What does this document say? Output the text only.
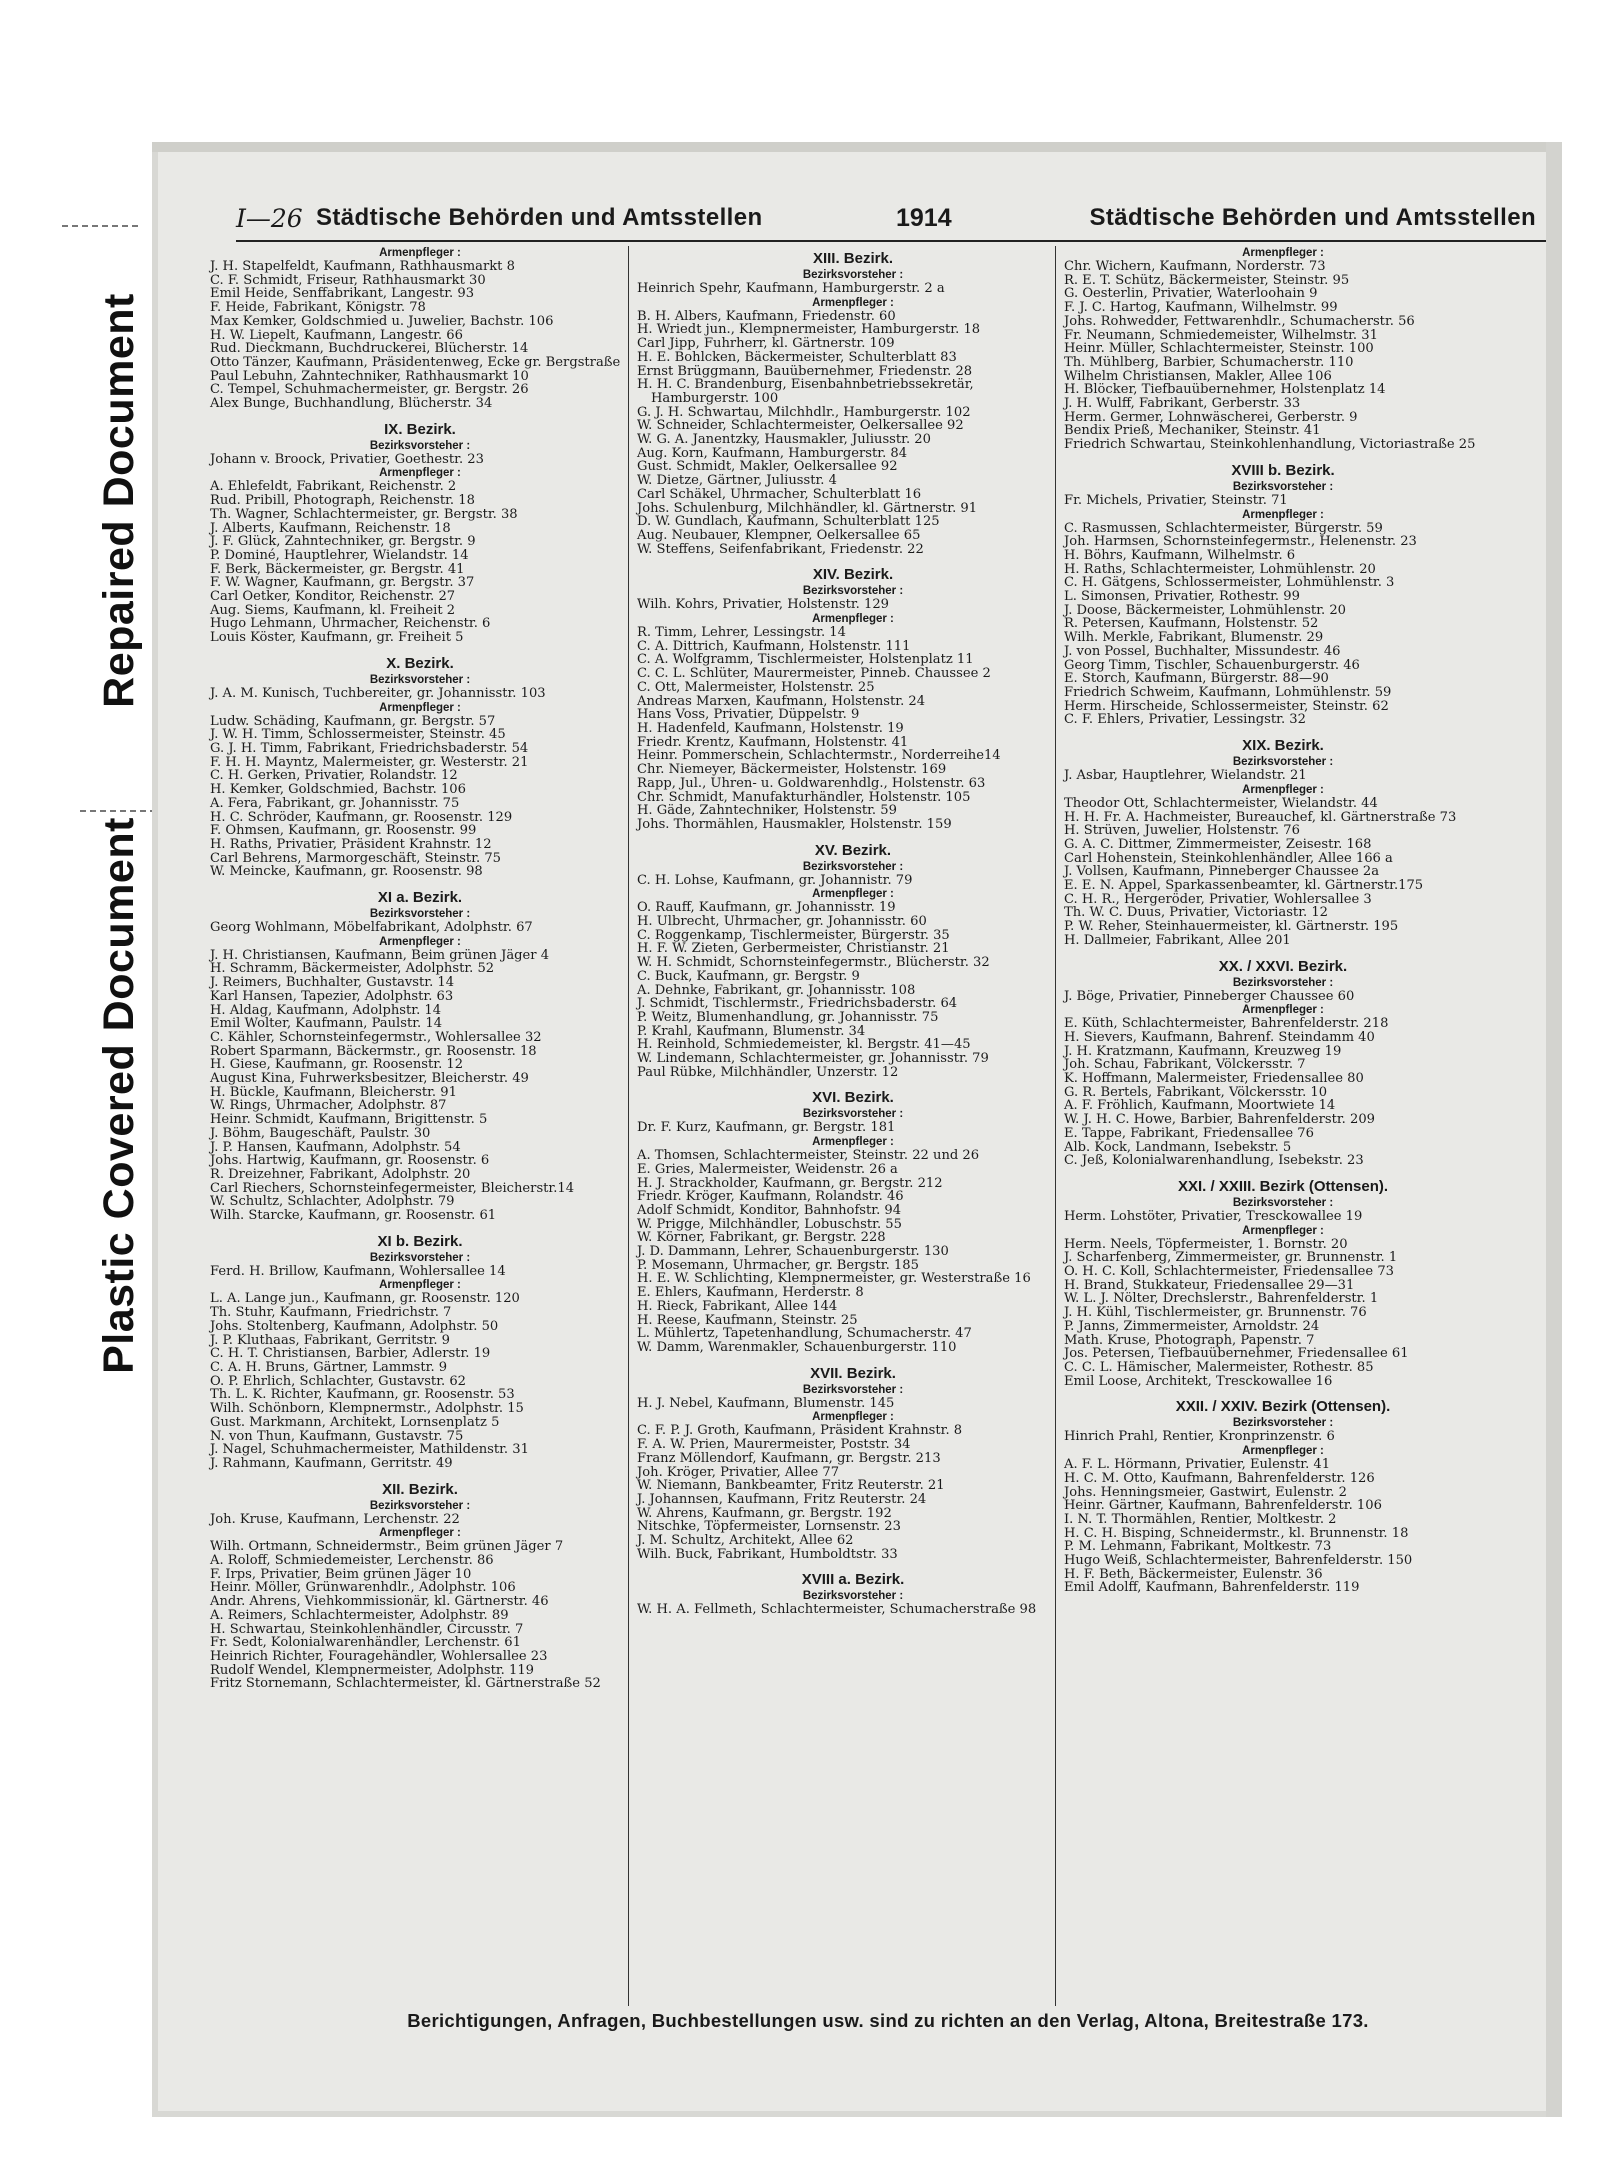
Repaired Document
Plastic Covered Document
I—26 Städtische Behörden und Amtsstellen	1914	Städtische Behörden und Amtsstellen
Armenpfleger :
J. H. Stapelfeldt, Kaufmann, Rathhausmarkt 8
C. F. Schmidt, Friseur, Rathhausmarkt 30
Emil Heide, Senffabrikant, Langestr. 93
F. Heide, Fabrikant, Königstr. 78
Max Kemker, Goldschmied u. Juwelier, Bachstr. 106
H. W. Liepelt, Kaufmann, Langestr. 66
Rud. Dieckmann, Buchdruckerei, Blücherstr. 14
Otto Tänzer, Kaufmann, Präsidentenweg, Ecke gr. Bergstraße
Paul Lebuhn, Zahntechniker, Rathhausmarkt 10
C. Tempel, Schuhmachermeister, gr. Bergstr. 26
Alex Bunge, Buchhandlung, Blücherstr. 34
IX. Bezirk.
Bezirksvorsteher :
Johann v. Broock, Privatier, Goethestr. 23
Armenpfleger :
A. Ehlefeldt, Fabrikant, Reichenstr. 2
Rud. Pribill, Photograph, Reichenstr. 18
Th. Wagner, Schlachtermeister, gr. Bergstr. 38
J. Alberts, Kaufmann, Reichenstr. 18
J. F. Glück, Zahntechniker, gr. Bergstr. 9
P. Dominé, Hauptlehrer, Wielandstr. 14
F. Berk, Bäckermeister, gr. Bergstr. 41
F. W. Wagner, Kaufmann, gr. Bergstr. 37
Carl Oetker, Konditor, Reichenstr. 27
Aug. Siems, Kaufmann, kl. Freiheit 2
Hugo Lehmann, Uhrmacher, Reichenstr. 6
Louis Köster, Kaufmann, gr. Freiheit 5
X. Bezirk.
Bezirksvorsteher :
J. A. M. Kunisch, Tuchbereiter, gr. Johannisstr. 103
Armenpfleger :
Ludw. Schäding, Kaufmann, gr. Bergstr. 57
J. W. H. Timm, Schlossermeister, Steinstr. 45
G. J. H. Timm, Fabrikant, Friedrichsbaderstr. 54
F. H. H. Mayntz, Malermeister, gr. Westerstr. 21
C. H. Gerken, Privatier, Rolandstr. 12
H. Kemker, Goldschmied, Bachstr. 106
A. Fera, Fabrikant, gr. Johannisstr. 75
H. C. Schröder, Kaufmann, gr. Roosenstr. 129
F. Ohmsen, Kaufmann, gr. Roosenstr. 99
H. Raths, Privatier, Präsident Krahnstr. 12
Carl Behrens, Marmorgeschäft, Steinstr. 75
W. Meincke, Kaufmann, gr. Roosenstr. 98
XI a. Bezirk.
Bezirksvorsteher :
Georg Wohlmann, Möbelfabrikant, Adolphstr. 67
Armenpfleger :
J. H. Christiansen, Kaufmann, Beim grünen Jäger 4
H. Schramm, Bäckermeister, Adolphstr. 52
J. Reimers, Buchhalter, Gustavstr. 14
Karl Hansen, Tapezier, Adolphstr. 63
H. Aldag, Kaufmann, Adolphstr. 14
Emil Wolter, Kaufmann, Paulstr. 14
C. Kähler, Schornsteinfegermstr., Wohlersallee 32
Robert Sparmann, Bäckermstr., gr. Roosenstr. 18
H. Giese, Kaufmann, gr. Roosenstr. 12
August Kina, Fuhrwerksbesitzer, Bleicherstr. 49
H. Bückle, Kaufmann, Bleicherstr. 91
W. Rings, Uhrmacher, Adolphstr. 87
Heinr. Schmidt, Kaufmann, Brigittenstr. 5
J. Böhm, Baugeschäft, Paulstr. 30
J. P. Hansen, Kaufmann, Adolphstr. 54
Johs. Hartwig, Kaufmann, gr. Roosenstr. 6
R. Dreizehner, Fabrikant, Adolphstr. 20
Carl Riechers, Schornsteinfegermeister, Bleicherstr.14
W. Schultz, Schlachter, Adolphstr. 79
Wilh. Starcke, Kaufmann, gr. Roosenstr. 61
XI b. Bezirk.
Bezirksvorsteher :
Ferd. H. Brillow, Kaufmann, Wohlersallee 14
Armenpfleger :
L. A. Lange jun., Kaufmann, gr. Roosenstr. 120
Th. Stuhr, Kaufmann, Friedrichstr. 7
Johs. Stoltenberg, Kaufmann, Adolphstr. 50
J. P. Kluthaas, Fabrikant, Gerritstr. 9
C. H. T. Christiansen, Barbier, Adlerstr. 19
C. A. H. Bruns, Gärtner, Lammstr. 9
O. P. Ehrlich, Schlachter, Gustavstr. 62
Th. L. K. Richter, Kaufmann, gr. Roosenstr. 53
Wilh. Schönborn, Klempnermstr., Adolphstr. 15
Gust. Markmann, Architekt, Lornsenplatz 5
N. von Thun, Kaufmann, Gustavstr. 75
J. Nagel, Schuhmachermeister, Mathildenstr. 31
J. Rahmann, Kaufmann, Gerritstr. 49
XII. Bezirk.
Bezirksvorsteher :
Joh. Kruse, Kaufmann, Lerchenstr. 22
Armenpfleger :
Wilh. Ortmann, Schneidermstr., Beim grünen Jäger 7
A. Roloff, Schmiedemeister, Lerchenstr. 86
F. Irps, Privatier, Beim grünen Jäger 10
Heinr. Möller, Grünwarenhdlr., Adolphstr. 106
Andr. Ahrens, Viehkommissionär, kl. Gärtnerstr. 46
A. Reimers, Schlachtermeister, Adolphstr. 89
H. Schwartau, Steinkohlenhändler, Circusstr. 7
Fr. Sedt, Kolonialwarenhändler, Lerchenstr. 61
Heinrich Richter, Fouragehändler, Wohlersallee 23
Rudolf Wendel, Klempnermeister, Adolphstr. 119
Fritz Stornemann, Schlachtermeister, kl. Gärtnerstraße 52
XIII. Bezirk.
Bezirksvorsteher :
Heinrich Spehr, Kaufmann, Hamburgerstr. 2 a
Armenpfleger :
B. H. Albers, Kaufmann, Friedenstr. 60
H. Wriedt jun., Klempnermeister, Hamburgerstr. 18
Carl Jipp, Fuhrherr, kl. Gärtnerstr. 109
H. E. Bohlcken, Bäckermeister, Schulterblatt 83
Ernst Brüggmann, Bauübernehmer, Friedenstr. 28
H. H. C. Brandenburg, Eisenbahnbetriebssekretär, Hamburgerstr. 100
G. J. H. Schwartau, Milchhdlr., Hamburgerstr. 102
W. Schneider, Schlachtermeister, Oelkersallee 92
W. G. A. Janentzky, Hausmakler, Juliusstr. 20
Aug. Korn, Kaufmann, Hamburgerstr. 84
Gust. Schmidt, Makler, Oelkersallee 92
W. Dietze, Gärtner, Juliusstr. 4
Carl Schäkel, Uhrmacher, Schulterblatt 16
Johs. Schulenburg, Milchhändler, kl. Gärtnerstr. 91
D. W. Gundlach, Kaufmann, Schulterblatt 125
Aug. Neubauer, Klempner, Oelkersallee 65
W. Steffens, Seifenfabrikant, Friedenstr. 22
XIV. Bezirk.
Bezirksvorsteher :
Wilh. Kohrs, Privatier, Holstenstr. 129
Armenpfleger :
R. Timm, Lehrer, Lessingstr. 14
C. A. Dittrich, Kaufmann, Holstenstr. 111
C. A. Wolfgramm, Tischlermeister, Holstenplatz 11
C. C. L. Schlüter, Maurermeister, Pinneb. Chaussee 2
C. Ott, Malermeister, Holstenstr. 25
Andreas Marxen, Kaufmann, Holstenstr. 24
Hans Voss, Privatier, Düppelstr. 9
H. Hadenfeld, Kaufmann, Holstenstr. 19
Friedr. Krentz, Kaufmann, Holstenstr. 41
Heinr. Pommerschein, Schlachtermstr., Norderreihe14
Chr. Niemeyer, Bäckermeister, Holstenstr. 169
Rapp, Jul., Uhren- u. Goldwarenhdlg., Holstenstr. 63
Chr. Schmidt, Manufakturhändler, Holstenstr. 105
H. Gäde, Zahntechniker, Holstenstr. 59
Johs. Thormählen, Hausmakler, Holstenstr. 159
XV. Bezirk.
Bezirksvorsteher :
C. H. Lohse, Kaufmann, gr. Johannistr. 79
Armenpfleger :
O. Rauff, Kaufmann, gr. Johannisstr. 19
H. Ulbrecht, Uhrmacher, gr. Johannisstr. 60
C. Roggenkamp, Tischlermeister, Bürgerstr. 35
H. F. W. Zieten, Gerbermeister, Christianstr. 21
W. H. Schmidt, Schornsteinfegermstr., Blücherstr. 32
C. Buck, Kaufmann, gr. Bergstr. 9
A. Dehnke, Fabrikant, gr. Johannisstr. 108
J. Schmidt, Tischlermstr., Friedrichsbaderstr. 64
P. Weitz, Blumenhandlung, gr. Johannisstr. 75
P. Krahl, Kaufmann, Blumenstr. 34
H. Reinhold, Schmiedemeister, kl. Bergstr. 41—45
W. Lindemann, Schlachtermeister, gr. Johannisstr. 79
Paul Rübke, Milchhändler, Unzerstr. 12
XVI. Bezirk.
Bezirksvorsteher :
Dr. F. Kurz, Kaufmann, gr. Bergstr. 181
Armenpfleger :
A. Thomsen, Schlachtermeister, Steinstr. 22 und 26
E. Gries, Malermeister, Weidenstr. 26 a
H. J. Strackholder, Kaufmann, gr. Bergstr. 212
Friedr. Kröger, Kaufmann, Rolandstr. 46
Adolf Schmidt, Konditor, Bahnhofstr. 94
W. Prigge, Milchhändler, Lobuschstr. 55
W. Körner, Fabrikant, gr. Bergstr. 228
J. D. Dammann, Lehrer, Schauenburgerstr. 130
P. Mosemann, Uhrmacher, gr. Bergstr. 185
H. E. W. Schlichting, Klempnermeister, gr. Westerstraße 16
E. Ehlers, Kaufmann, Herderstr. 8
H. Rieck, Fabrikant, Allee 144
H. Reese, Kaufmann, Steinstr. 25
L. Mühlertz, Tapetenhandlung, Schumacherstr. 47
W. Damm, Warenmakler, Schauenburgerstr. 110
XVII. Bezirk.
Bezirksvorsteher :
H. J. Nebel, Kaufmann, Blumenstr. 145
Armenpfleger :
C. F. P. J. Groth, Kaufmann, Präsident Krahnstr. 8
F. A. W. Prien, Maurermeister, Poststr. 34
Franz Möllendorf, Kaufmann, gr. Bergstr. 213
Joh. Kröger, Privatier, Allee 77
W. Niemann, Bankbeamter, Fritz Reuterstr. 21
J. Johannsen, Kaufmann, Fritz Reuterstr. 24
W. Ahrens, Kaufmann, gr. Bergstr. 192
Nitschke, Töpfermeister, Lornsenstr. 23
J. M. Schultz, Architekt, Allee 62
Wilh. Buck, Fabrikant, Humboldtstr. 33
XVIII a. Bezirk.
Bezirksvorsteher :
W. H. A. Fellmeth, Schlachtermeister, Schumacherstraße 98
Armenpfleger :
Chr. Wichern, Kaufmann, Norderstr. 73
R. E. T. Schütz, Bäckermeister, Steinstr. 95
G. Oesterlin, Privatier, Waterloohain 9
F. J. C. Hartog, Kaufmann, Wilhelmstr. 99
Johs. Rohwedder, Fettwarenhdlr., Schumacherstr. 56
Fr. Neumann, Schmiedemeister, Wilhelmstr. 31
Heinr. Müller, Schlachtermeister, Steinstr. 100
Th. Mühlberg, Barbier, Schumacherstr. 110
Wilhelm Christiansen, Makler, Allee 106
H. Blöcker, Tiefbauübernehmer, Holstenplatz 14
J. H. Wulff, Fabrikant, Gerberstr. 33
Herm. Germer, Lohnwäscherei, Gerberstr. 9
Bendix Prieß, Mechaniker, Steinstr. 41
Friedrich Schwartau, Steinkohlenhandlung, Victoriastraße 25
XVIII b. Bezirk.
Bezirksvorsteher :
Fr. Michels, Privatier, Steinstr. 71
Armenpfleger :
C. Rasmussen, Schlachtermeister, Bürgerstr. 59
Joh. Harmsen, Schornsteinfegermstr., Helenenstr. 23
H. Böhrs, Kaufmann, Wilhelmstr. 6
H. Raths, Schlachtermeister, Lohmühlenstr. 20
C. H. Gätgens, Schlossermeister, Lohmühlenstr. 3
L. Simonsen, Privatier, Rothestr. 99
J. Doose, Bäckermeister, Lohmühlenstr. 20
R. Petersen, Kaufmann, Holstenstr. 52
Wilh. Merkle, Fabrikant, Blumenstr. 29
J. von Possel, Buchhalter, Missundestr. 46
Georg Timm, Tischler, Schauenburgerstr. 46
E. Storch, Kaufmann, Bürgerstr. 88—90
Friedrich Schweim, Kaufmann, Lohmühlenstr. 59
Herm. Hirscheide, Schlossermeister, Steinstr. 62
C. F. Ehlers, Privatier, Lessingstr. 32
XIX. Bezirk.
Bezirksvorsteher :
J. Asbar, Hauptlehrer, Wielandstr. 21
Armenpfleger :
Theodor Ott, Schlachtermeister, Wielandstr. 44
H. H. Fr. A. Hachmeister, Bureauchef, kl. Gärtnerstraße 73
H. Strüven, Juwelier, Holstenstr. 76
G. A. C. Dittmer, Zimmermeister, Zeisestr. 168
Carl Hohenstein, Steinkohlenhändler, Allee 166 a
J. Vollsen, Kaufmann, Pinneberger Chaussee 2a
E. E. N. Appel, Sparkassenbeamter, kl. Gärtnerstr.175
C. H. R., Hergeröder, Privatier, Wohlersallee 3
Th. W. C. Duus, Privatier, Victoriastr. 12
P. W. Reher, Steinhauermeister, kl. Gärtnerstr. 195
H. Dallmeier, Fabrikant, Allee 201
XX. / XXVI. Bezirk.
Bezirksvorsteher :
J. Böge, Privatier, Pinneberger Chaussee 60
Armenpfleger :
E. Küth, Schlachtermeister, Bahrenfelderstr. 218
H. Sievers, Kaufmann, Bahrenf. Steindamm 40
J. H. Kratzmann, Kaufmann, Kreuzweg 19
Joh. Schau, Fabrikant, Völckersstr. 7
K. Hoffmann, Malermeister, Friedensallee 80
G. R. Bertels, Fabrikant, Völckersstr. 10
A. F. Fröhlich, Kaufmann, Moortwiete 14
W. J. H. C. Howe, Barbier, Bahrenfelderstr. 209
E. Tappe, Fabrikant, Friedensallee 76
Alb. Kock, Landmann, Isebekstr. 5
C. Jeß, Kolonialwarenhandlung, Isebekstr. 23
XXI. / XXIII. Bezirk (Ottensen).
Bezirksvorsteher :
Herm. Lohstöter, Privatier, Tresckowallee 19
Armenpfleger :
Herm. Neels, Töpfermeister, 1. Bornstr. 20
J. Scharfenberg, Zimmermeister, gr. Brunnenstr. 1
O. H. C. Koll, Schlachtermeister, Friedensallee 73
H. Brand, Stukkateur, Friedensallee 29—31
W. L. J. Nölter, Drechslerstr., Bahrenfelderstr. 1
J. H. Kühl, Tischlermeister, gr. Brunnenstr. 76
P. Janns, Zimmermeister, Arnoldstr. 24
Math. Kruse, Photograph, Papenstr. 7
Jos. Petersen, Tiefbauübernehmer, Friedensallee 61
C. C. L. Hämischer, Malermeister, Rothestr. 85
Emil Loose, Architekt, Tresckowallee 16
XXII. / XXIV. Bezirk (Ottensen).
Bezirksvorsteher :
Hinrich Prahl, Rentier, Kronprinzenstr. 6
Armenpfleger :
A. F. L. Hörmann, Privatier, Eulenstr. 41
H. C. M. Otto, Kaufmann, Bahrenfelderstr. 126
Johs. Henningsmeier, Gastwirt, Eulenstr. 2
Heinr. Gärtner, Kaufmann, Bahrenfelderstr. 106
I. N. T. Thormählen, Rentier, Moltkestr. 2
H. C. H. Bisping, Schneidermstr., kl. Brunnenstr. 18
P. M. Lehmann, Fabrikant, Moltkestr. 73
Hugo Weiß, Schlachtermeister, Bahrenfelderstr. 150
H. F. Beth, Bäckermeister, Eulenstr. 36
Emil Adolff, Kaufmann, Bahrenfelderstr. 119
Berichtigungen, Anfragen, Buchbestellungen usw. sind zu richten an den Verlag, Altona, Breitestraße 173.
